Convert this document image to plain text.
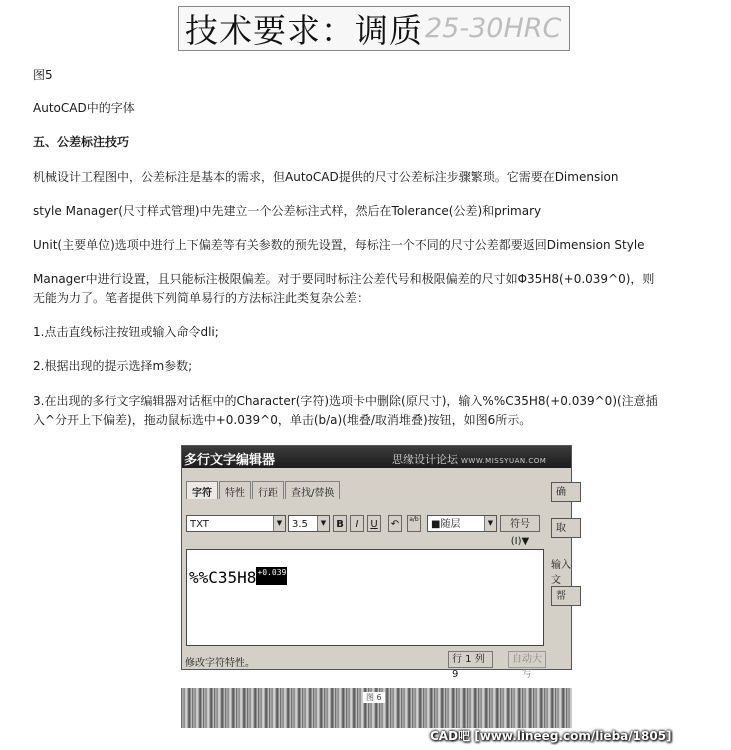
技术要求：调质 25-30HRC
图5
AutoCAD中的字体
五、公差标注技巧
机械设计工程图中，公差标注是基本的需求，但AutoCAD提供的尺寸公差标注步骤繁琐。它需要在Dimension
style Manager(尺寸样式管理)中先建立一个公差标注式样，然后在Tolerance(公差)和primary
Unit(主要单位)选项中进行上下偏差等有关参数的预先设置，每标注一个不同的尺寸公差都要返回Dimension Style
Manager中进行设置，且只能标注极限偏差。对于要同时标注公差代号和极限偏差的尺寸如Φ35H8(+0.039^0)，则
无能为力了。笔者提供下列简单易行的方法标注此类复杂公差：
1.点击直线标注按钮或输入命令dli;
2.根据出现的提示选择m参数;
3.在出现的多行文字编辑器对话框中的Character(字符)选项卡中删除(原尺寸)，输入%%C35H8(+0.039^0)(注意插
入^分开上下偏差)，拖动鼠标选中+0.039^0，单击(b/a)(堆叠/取消堆叠)按钮，如图6所示。
多行文字编辑器	思缘设计论坛 WWW.MISSYUAN.COM
字符	特性	行距	查找/替换
TXT	▼ 3.5	▼	B	I	U	↶	a/b	■随层	▼	符号(I)▼
$\%\%C35H8^{+0.039}$
修改字符特性。	行 1 列 9
自动大写
确
取
输入文
帮
图 6
CAD吧 [www.lineeg.com/lieba/1805]
